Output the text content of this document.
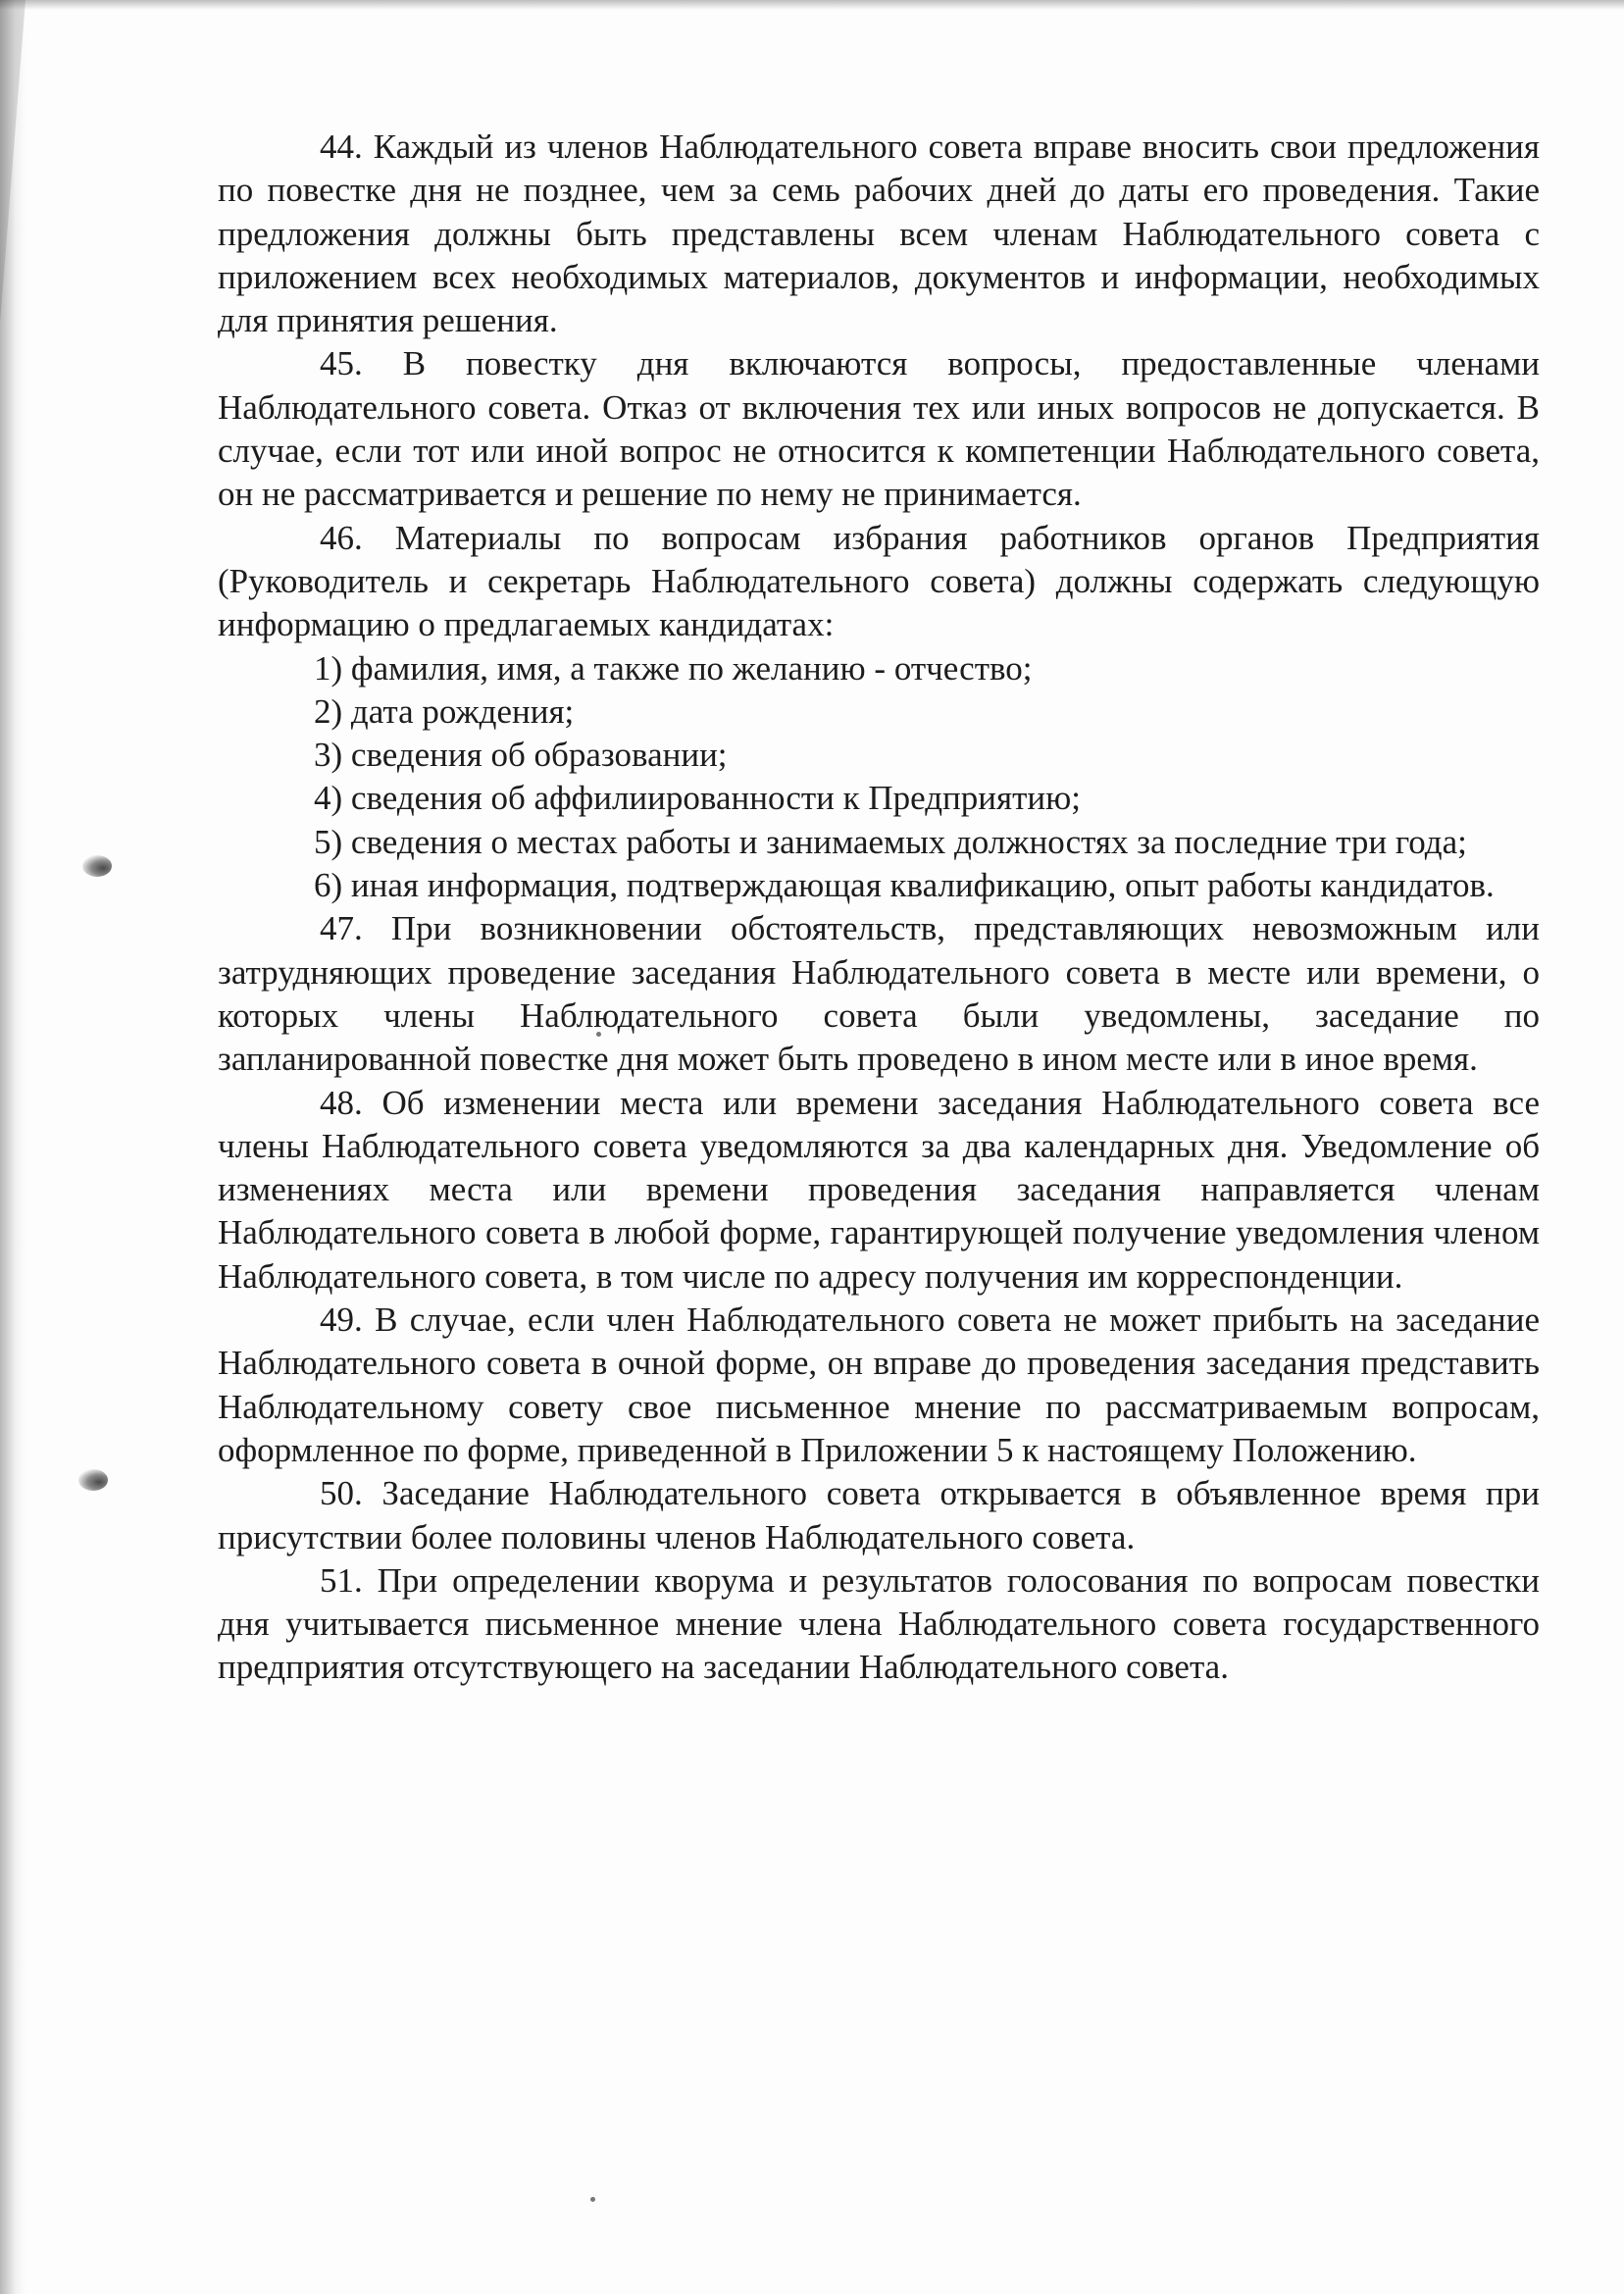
44. Каждый из членов Наблюдательного совета вправе вносить свои предложения по повестке дня не позднее, чем за семь рабочих дней до даты его проведения. Такие предложения должны быть представлены всем членам Наблюдательного совета с приложением всех необходимых материалов, документов и информации, необходимых для принятия решения.

45. В повестку дня включаются вопросы, предоставленные членами Наблюдательного совета. Отказ от включения тех или иных вопросов не допускается. В случае, если тот или иной вопрос не относится к компетенции Наблюдательного совета, он не рассматривается и решение по нему не принимается.

46. Материалы по вопросам избрания работников органов Предприятия (Руководитель и секретарь Наблюдательного совета) должны содержать следующую информацию о предлагаемых кандидатах:

1) фамилия, имя, а также по желанию - отчество;

2) дата рождения;

3) сведения об образовании;

4) сведения об аффилиированности к Предприятию;

5) сведения о местах работы и занимаемых должностях за последние три года;

6) иная информация, подтверждающая квалификацию, опыт работы кандидатов.

47. При возникновении обстоятельств, представляющих невозможным или затрудняющих проведение заседания Наблюдательного совета в месте или времени, о которых члены Наблюдательного совета были уведомлены, заседание по запланированной повестке дня может быть проведено в ином месте или в иное время.

48. Об изменении места или времени заседания Наблюдательного совета все члены Наблюдательного совета уведомляются за два календарных дня. Уведомление об изменениях места или времени проведения заседания направляется членам Наблюдательного совета в любой форме, гарантирующей получение уведомления членом Наблюдательного совета, в том числе по адресу получения им корреспонденции.

49. В случае, если член Наблюдательного совета не может прибыть на заседание Наблюдательного совета в очной форме, он вправе до проведения заседания представить Наблюдательному совету свое письменное мнение по рассматриваемым вопросам, оформленное по форме, приведенной в Приложении 5 к настоящему Положению.

50. Заседание Наблюдательного совета открывается в объявленное время при присутствии более половины членов Наблюдательного совета.

51. При определении кворума и результатов голосования по вопросам повестки дня учитывается письменное мнение члена Наблюдательного совета государственного предприятия отсутствующего на заседании Наблюдательного совета.
